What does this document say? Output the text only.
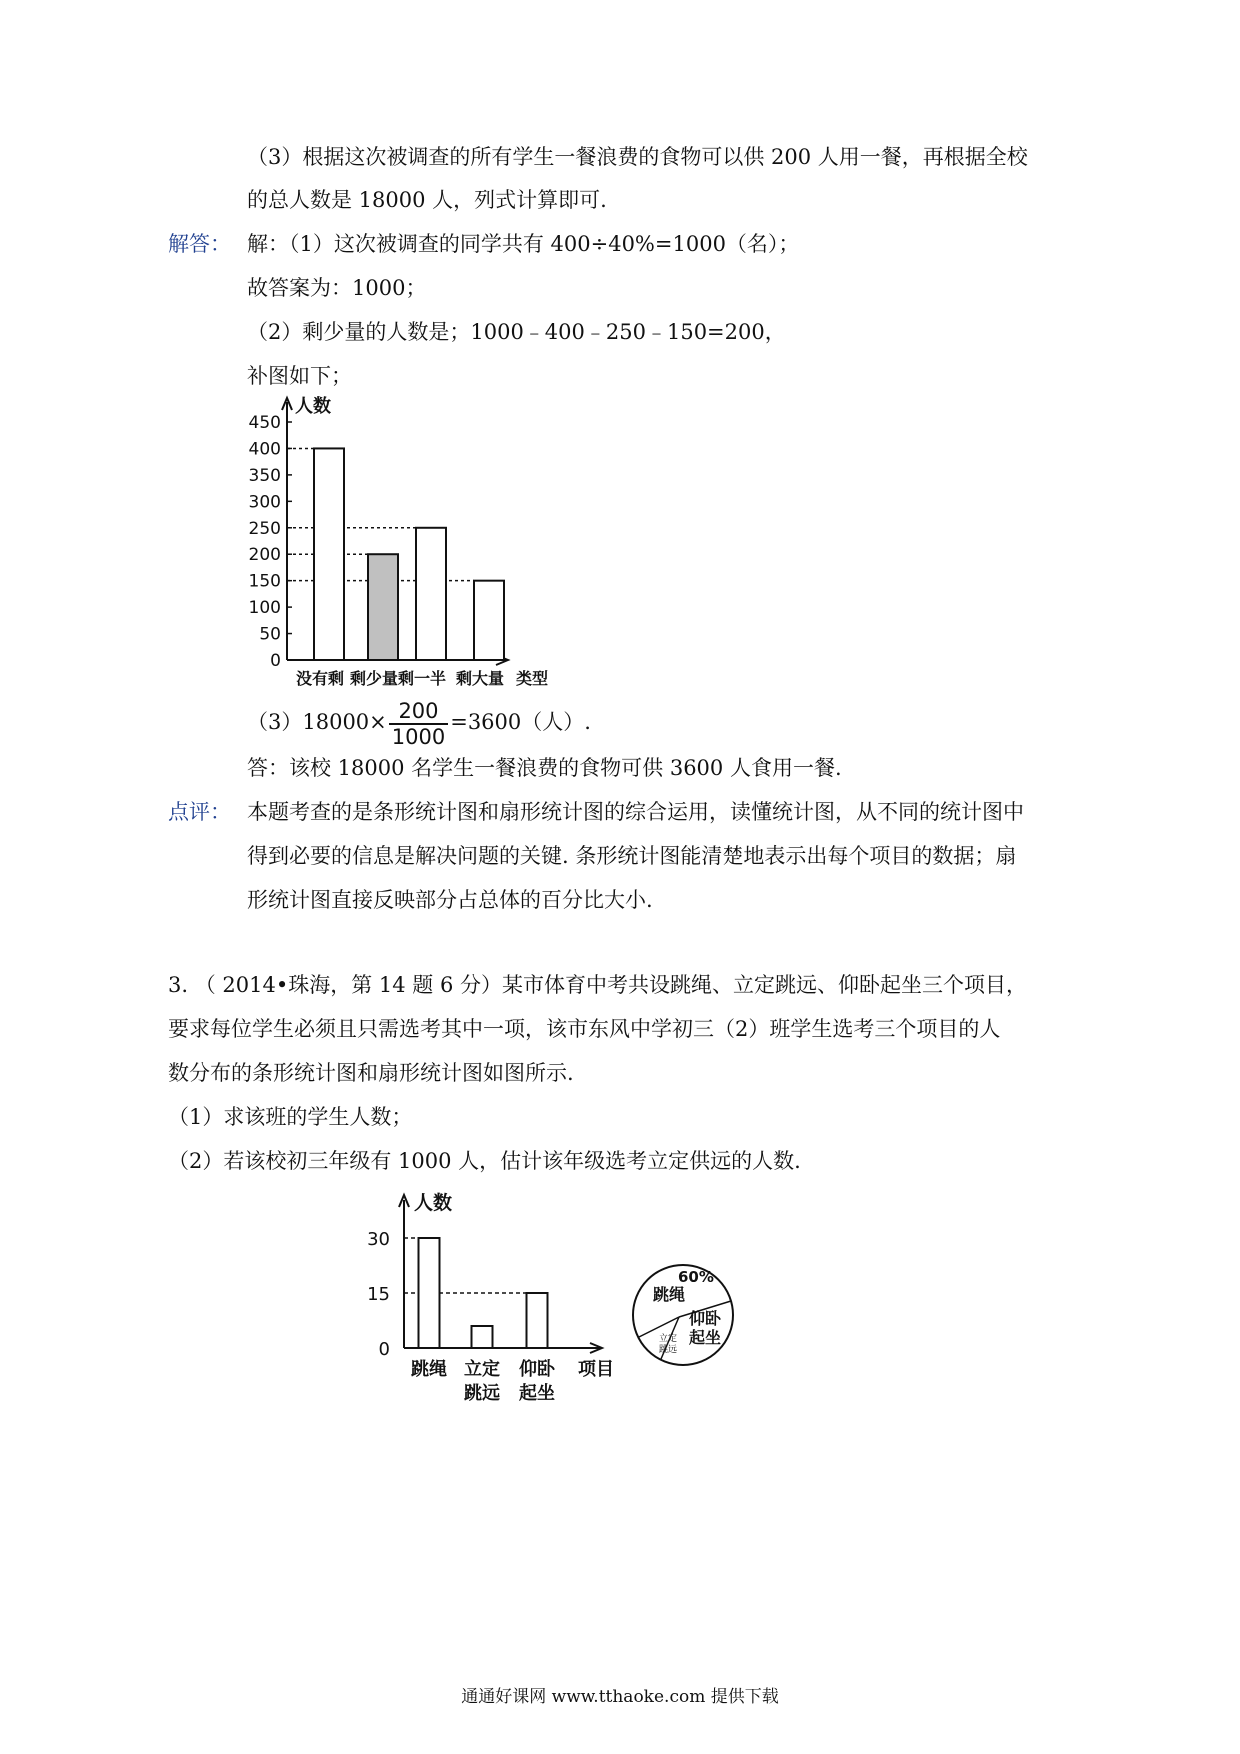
（3）根据这次被调查的所有学生一餐浪费的食物可以供 200 人用一餐，再根据全校
的总人数是 18000 人，列式计算即可.
解答： 解：（1）这次被调查的同学共有 400÷40%=1000（名）；
故答案为：1000；
（2）剩少量的人数是；1000﹣400﹣250﹣150=200，
补图如下；
0
50
100
150
200
250
300
350
400
450
人数
没有剩 剩少量 剩一半 剩大量 类型
$(3)18000\times \frac{200}{1000} =3600$（人）.
答：该校 18000 名学生一餐浪费的食物可供 3600 人食用一餐.
点评： 本题考查的是条形统计图和扇形统计图的综合运用，读懂统计图，从不同的统计图中
得到必要的信息是解决问题的关键. 条形统计图能清楚地表示出每个项目的数据；扇
形统计图直接反映部分占总体的百分比大小.
3. （ 2014•珠海，第 14 题 6 分）某市体育中考共设跳绳、立定跳远、仰卧起坐三个项目，
要求每位学生必须且只需选考其中一项，该市东风中学初三（2）班学生选考三个项目的人
数分布的条形统计图和扇形统计图如图所示.
（1）求该班的学生人数；
（2）若该校初三年级有 1000 人，估计该年级选考立定供远的人数.
0
15
30
人数
跳绳 立定
跳远
仰卧
起坐
项目
60%
跳绳
仰卧
起坐
立定
跳远
通通好课网 www.tthaoke.com 提供下载
